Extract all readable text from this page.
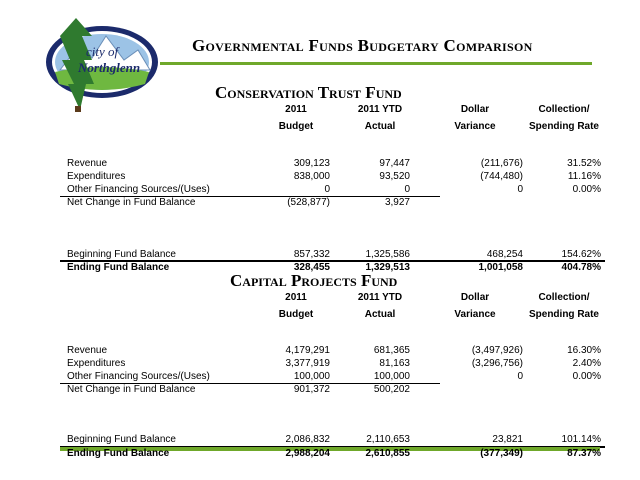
city of
Northglenn
Governmental Funds Budgetary Comparison
Conservation Trust Fund
2011
Budget
2011 YTD
Actual
Dollar
Variance
Collection/
Spending Rate
Revenue	309,123	97,447	(211,676)	31.52%
Expenditures	838,000	93,520	(744,480)	11.16%
Other Financing Sources/(Uses)	0	0	0	0.00%
Net Change in Fund Balance	(528,877)	3,927
Beginning Fund Balance	857,332	1,325,586	468,254	154.62%
Ending Fund Balance	328,455	1,329,513	1,001,058	404.78%
Capital Projects Fund
2011
Budget
2011 YTD
Actual
Dollar
Variance
Collection/
Spending Rate
Revenue	4,179,291	681,365	(3,497,926)	16.30%
Expenditures	3,377,919	81,163	(3,296,756)	2.40%
Other Financing Sources/(Uses)	100,000	100,000	0	0.00%
Net Change in Fund Balance	901,372	500,202
Beginning Fund Balance	2,086,832	2,110,653	23,821	101.14%
Ending Fund Balance	2,988,204	2,610,855	(377,349)	87.37%
